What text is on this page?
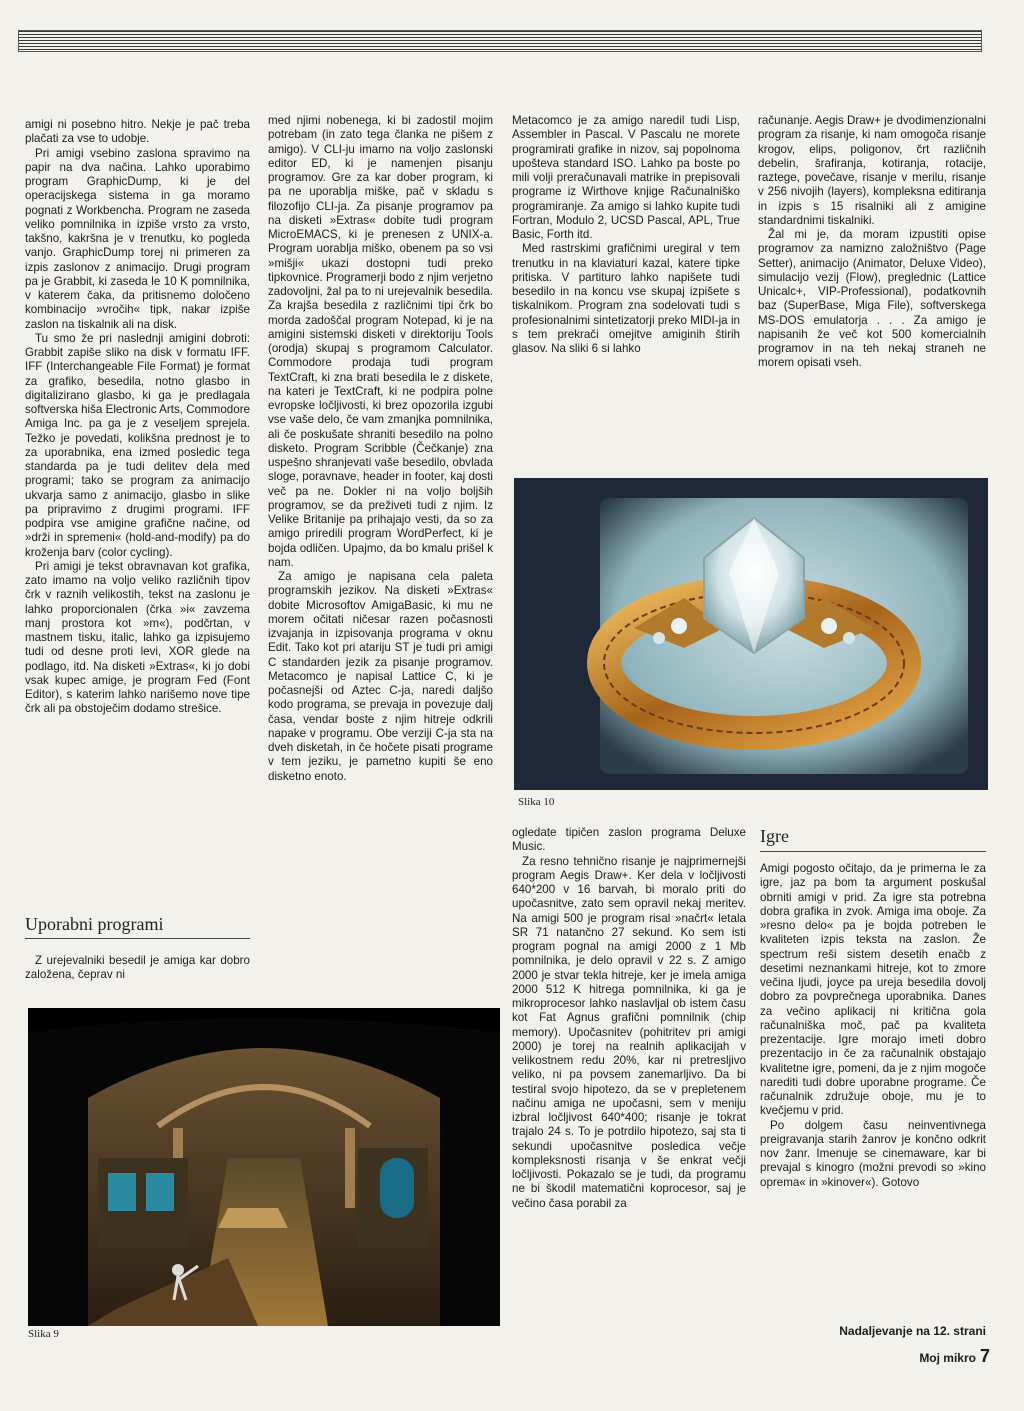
amigi ni posebno hitro. Nekje je pač treba plačati za vse to udobje.

Pri amigi vsebino zaslona spravimo na papir na dva načina. Lahko uporabimo program GraphicDump, ki je del operacijskega sistema in ga moramo pognati z Workbencha. Program ne zaseda veliko pomnilnika in izpiše vrsto za vrsto, takšno, kakršna je v trenutku, ko pogleda vanjo. GraphicDump torej ni primeren za izpis zaslonov z animacijo. Drugi program pa je Grabbit, ki zaseda le 10 K pomnilnika, v katerem čaka, da pritisnemo določeno kombinacijo »vročih« tipk, nakar izpiše zaslon na tiskalnik ali na disk.

Tu smo že pri naslednji amigini dobroti: Grabbit zapiše sliko na disk v formatu IFF. IFF (Interchangeable File Format) je format za grafiko, besedila, notno glasbo in digitalizirano glasbo, ki ga je predlagala softverska hiša Electronic Arts, Commodore Amiga Inc. pa ga je z veseljem sprejela. Težko je povedati, kolikšna prednost je to za uporabnika, ena izmed posledic tega standarda pa je tudi delitev dela med programi; tako se program za animacijo ukvarja samo z animacijo, glasbo in slike pa pripravimo z drugimi programi. IFF podpira vse amigine grafične načine, od »drži in spremeni« (hold-and-modify) pa do kroženja barv (color cycling).

Pri amigi je tekst obravnavan kot grafika, zato imamo na voljo veliko različnih tipov črk v raznih velikostih, tekst na zaslonu je lahko proporcionalen (črka »i« zavzema manj prostora kot »m«), podčrtan, v mastnem tisku, italic, lahko ga izpisujemo tudi od desne proti levi, XOR glede na podlago, itd. Na disketi »Extras«, ki jo dobi vsak kupec amige, je program Fed (Font Editor), s katerim lahko narišemo nove tipe črk ali pa obstoječim dodamo strešice.

Uporabni programi

Z urejevalniki besedil je amiga kar dobro založena, čeprav ni

med njimi nobenega, ki bi zadostil mojim potrebam (in zato tega članka ne pišem z amigo). V CLI-ju imamo na voljo zaslonski editor ED, ki je namenjen pisanju programov. Gre za kar dober program, ki pa ne uporablja miške, pač v skladu s filozofijo CLI-ja. Za pisanje programov pa na disketi »Extras« dobite tudi program MicroEMACS, ki je prenesen z UNIX-a. Program uorablja miško, obenem pa so vsi »mišji« ukazi dostopni tudi preko tipkovnice. Programerji bodo z njim verjetno zadovoljni, žal pa to ni urejevalnik besedila. Za krajša besedila z različnimi tipi črk bo morda zadoščal program Notepad, ki je na amigini sistemski disketi v direktoriju Tools (orodja) skupaj s programom Calculator. Commodore prodaja tudi program TextCraft, ki zna brati besedila le z diskete, na kateri je TextCraft, ki ne podpira polne evropske ločljivosti, ki brez opozorila izgubi vse vaše delo, če vam zmanjka pomnilnika, ali če poskušate shraniti besedilo na polno disketo. Program Scribble (Čečkanje) zna uspešno shranjevati vaše besedilo, obvlada sloge, poravnave, header in footer, kaj dosti več pa ne. Dokler ni na voljo boljših programov, se da preživeti tudi z njim. Iz Velike Britanije pa prihajajo vesti, da so za amigo priredili program WordPerfect, ki je bojda odličen. Upajmo, da bo kmalu prišel k nam.

Za amigo je napisana cela paleta programskih jezikov. Na disketi »Extras« dobite Microsoftov AmigaBasic, ki mu ne morem očitati ničesar razen počasnosti izvajanja in izpisovanja programa v oknu Edit. Tako kot pri atariju ST je tudi pri amigi C standarden jezik za pisanje programov. Metacomco je napisal Lattice C, ki je počasnejši od Aztec C-ja, naredi daljšo kodo programa, se prevaja in povezuje dalj časa, vendar boste z njim hitreje odkrili napake v programu. Obe verziji C-ja sta na dveh disketah, in če hočete pisati programe v tem jeziku, je pametno kupiti še eno disketno enoto.

Metacomco je za amigo naredil tudi Lisp, Assembler in Pascal. V Pascalu ne morete programirati grafike in nizov, saj popolnoma upošteva standard ISO. Lahko pa boste po mili volji preračunavali matrike in prepisovali programe iz Wirthove knjige Računalniško programiranje. Za amigo si lahko kupite tudi Fortran, Modulo 2, UCSD Pascal, APL, True Basic, Forth itd.

Med rastrskimi grafičnimi uregiral v tem trenutku in na klaviaturi kazal, katere tipke pritiska. V partituro lahko napišete tudi besedilo in na koncu vse skupaj izpišete s tiskalnikom. Program zna sodelovati tudi s profesionalnimi sintetizatorji preko MIDI-ja in s tem prekrači omejitve amiginih štirih glasov. Na sliki 6 si lahko

računanje. Aegis Draw+ je dvodimenzionalni program za risanje, ki nam omogoča risanje krogov, elips, poligonov, črt različnih debelin, šrafiranja, kotiranja, rotacije, raztege, povečave, risanje v merilu, risanje v 256 nivojih (layers), kompleksna editiranja in izpis s 15 risalniki ali z amigine standardnimi tiskalniki.

Žal mi je, da moram izpustiti opise programov za namizno založništvo (Page Setter), animacijo (Animator, Deluxe Video), simulacijo vezij (Flow), preglednic (Lattice Unicalc+, VIP-Professional), podatkovnih baz (SuperBase, Miga File), softverskega MS-DOS emulatorja . . . Za amigo je napisanih že več kot 500 komercialnih programov in na teh nekaj straneh ne morem opisati vseh.

Slika 10
Igre

ogledate tipičen zaslon programa Deluxe Music.

Za resno tehnično risanje je najprimernejši program Aegis Draw+. Ker dela v ločljivosti 640*200 v 16 barvah, bi moralo priti do upočasnitve, zato sem opravil nekaj meritev. Na amigi 500 je program risal »načrt« letala SR 71 natančno 27 sekund. Ko sem isti program pognal na amigi 2000 z 1 Mb pomnilnika, je delo opravil v 22 s. Z amigo 2000 je stvar tekla hitreje, ker je imela amiga 2000 512 K hitrega pomnilnika, ki ga je mikroprocesor lahko naslavljal ob istem času kot Fat Agnus grafični pomnilnik (chip memory). Upočasnitev (pohitritev pri amigi 2000) je torej na realnih aplikacijah v velikostnem redu 20%, kar ni pretresljivo veliko, ni pa povsem zanemarljivo. Da bi testiral svojo hipotezo, da se v prepletenem načinu amiga ne upočasni, sem v meniju izbral ločljivost 640*400; risanje je tokrat trajalo 24 s. To je potrdilo hipotezo, saj sta ti sekundi upočasnitve posledica večje kompleksnosti risanja v še enkrat večji ločljivosti. Pokazalo se je tudi, da programu ne bi škodil matematični koprocesor, saj je večino časa porabil za

Amigi pogosto očitajo, da je primerna le za igre, jaz pa bom ta argument poskušal obrniti amigi v prid. Za igre sta potrebna dobra grafika in zvok. Amiga ima oboje. Za »resno delo« pa je bojda potreben le kvaliteten izpis teksta na zaslon. Že spectrum reši sistem desetih enačb z desetimi neznankami hitreje, kot to zmore večina ljudi, joyce pa ureja besedila dovolj dobro za povprečnega uporabnika. Danes za večino aplikacij ni kritična gola računalniška moč, pač pa kvaliteta prezentacije. Igre morajo imeti dobro prezentacijo in če za računalnik obstajajo kvalitetne igre, pomeni, da je z njim mogoče narediti tudi dobre uporabne programe. Če računalnik združuje oboje, mu je to kvečjemu v prid.

Po dolgem času neinventivnega preigravanja starih žanrov je končno odkrit nov žanr. Imenuje se cinemaware, kar bi prevajal s kinogro (možni prevodi so »kino oprema« in »kinover«). Gotovo

Slika 9	Nadaljevanje na 12. strani
Moj mikro 7
